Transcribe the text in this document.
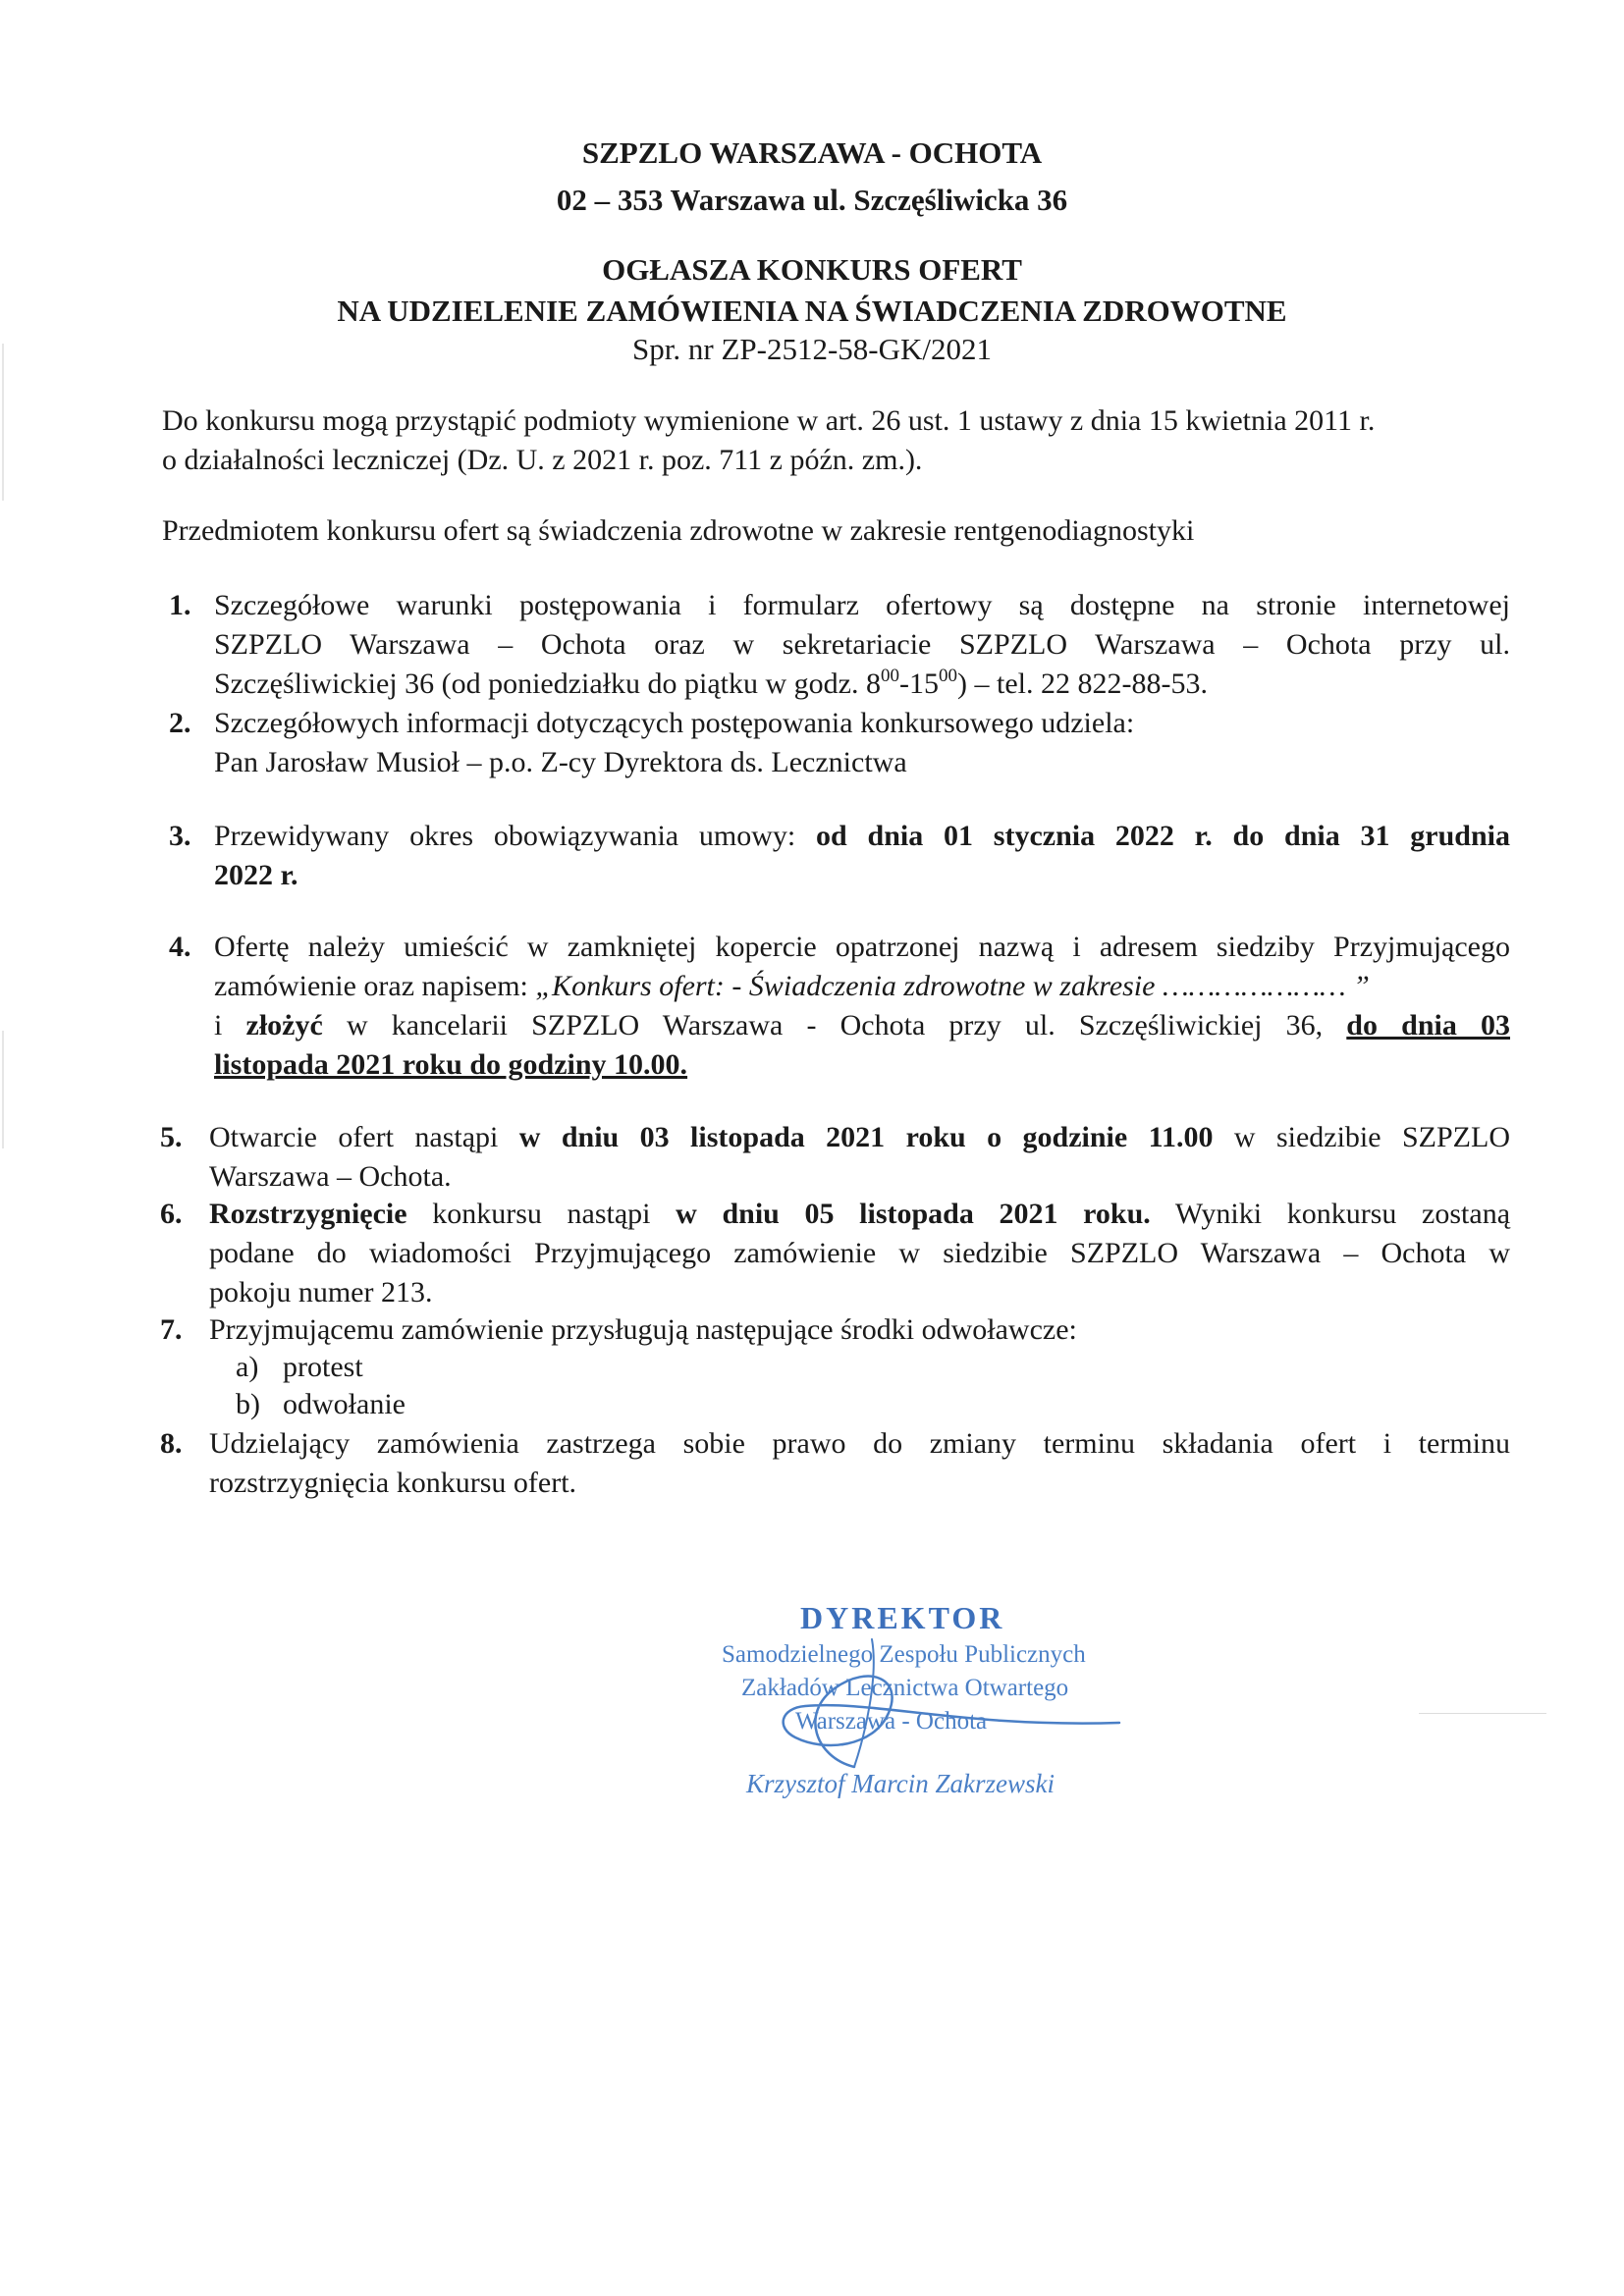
SZPZLO WARSZAWA - OCHOTA
02 – 353 Warszawa ul. Szczęśliwicka 36
OGŁASZA KONKURS OFERT
NA UDZIELENIE ZAMÓWIENIA NA ŚWIADCZENIA ZDROWOTNE
Spr. nr ZP-2512-58-GK/2021
Do konkursu mogą przystąpić podmioty wymienione w art. 26 ust. 1 ustawy z dnia 15 kwietnia 2011 r.
o działalności leczniczej (Dz. U. z 2021 r. poz. 711 z późn. zm.).
Przedmiotem konkursu ofert są świadczenia zdrowotne w zakresie rentgenodiagnostyki
1. Szczegółowe warunki postępowania i formularz ofertowy są dostępne na stronie internetowej
SZPZLO Warszawa – Ochota oraz w sekretariacie SZPZLO Warszawa – Ochota przy ul.
Szczęśliwickiej 36 (od poniedziałku do piątku w godz. $8^{00}-15^{00}$) – tel. 22 822-88-53.
2. Szczegółowych informacji dotyczących postępowania konkursowego udziela:
Pan Jarosław Musioł – p.o. Z-cy Dyrektora ds. Lecznictwa
3. Przewidywany okres obowiązywania umowy: od dnia 01 stycznia 2022 r. do dnia 31 grudnia
2022 r.
4. Ofertę należy umieścić w zamkniętej kopercie opatrzonej nazwą i adresem siedziby Przyjmującego
zamówienie oraz napisem: „Konkurs ofert: - Świadczenia zdrowotne w zakresie ………………… ”
i złożyć w kancelarii SZPZLO Warszawa - Ochota przy ul. Szczęśliwickiej 36, do dnia 03
listopada 2021 roku do godziny 10.00.
5. Otwarcie ofert nastąpi w dniu 03 listopada 2021 roku o godzinie 11.00 w siedzibie SZPZLO
Warszawa – Ochota.
6. Rozstrzygnięcie konkursu nastąpi w dniu 05 listopada 2021 roku. Wyniki konkursu zostaną
podane do wiadomości Przyjmującego zamówienie w siedzibie SZPZLO Warszawa – Ochota w
pokoju numer 213.
7. Przyjmującemu zamówienie przysługują następujące środki odwoławcze:
a) protest
b) odwołanie
8. Udzielający zamówienia zastrzega sobie prawo do zmiany terminu składania ofert i terminu
rozstrzygnięcia konkursu ofert.
DYREKTOR
Samodzielnego Zespołu Publicznych
Zakładów Lecznictwa Otwartego
Warszawa - Ochota
Krzysztof Marcin Zakrzewski
